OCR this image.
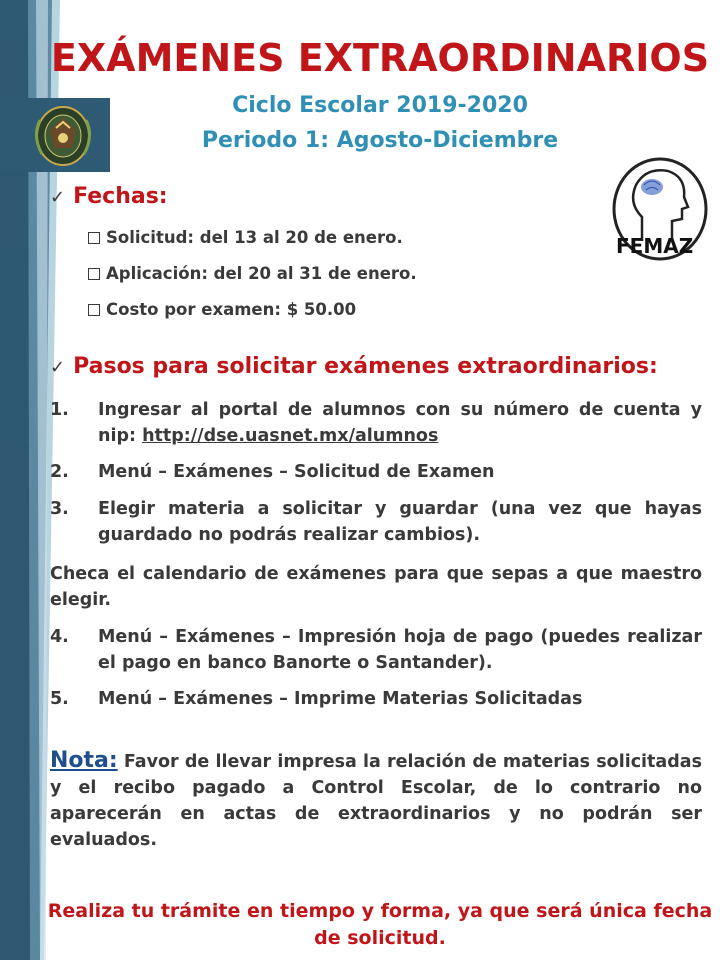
FEMAZ
EXÁMENES EXTRAORDINARIOS
Ciclo Escolar 2019-2020
Periodo 1: Agosto-Diciembre
✓ Fechas:
Solicitud: del 13 al 20 de enero.
Aplicación: del 20 al 31 de enero.
Costo por examen: $ 50.00
✓ Pasos para solicitar exámenes extraordinarios:
1. Ingresar al portal de alumnos con su número de cuenta y nip: http://dse.uasnet.mx/alumnos
2. Menú – Exámenes – Solicitud de Examen
3. Elegir materia a solicitar y guardar (una vez que hayas guardado no podrás realizar cambios).
Checa el calendario de exámenes para que sepas a que maestro elegir.
4. Menú – Exámenes – Impresión hoja de pago (puedes realizar el pago en banco Banorte o Santander).
5. Menú – Exámenes – Imprime Materias Solicitadas
Nota: Favor de llevar impresa la relación de materias solicitadas y el recibo pagado a Control Escolar, de lo contrario no aparecerán en actas de extraordinarios y no podrán ser evaluados.
Realiza tu trámite en tiempo y forma, ya que será única fecha de solicitud.
